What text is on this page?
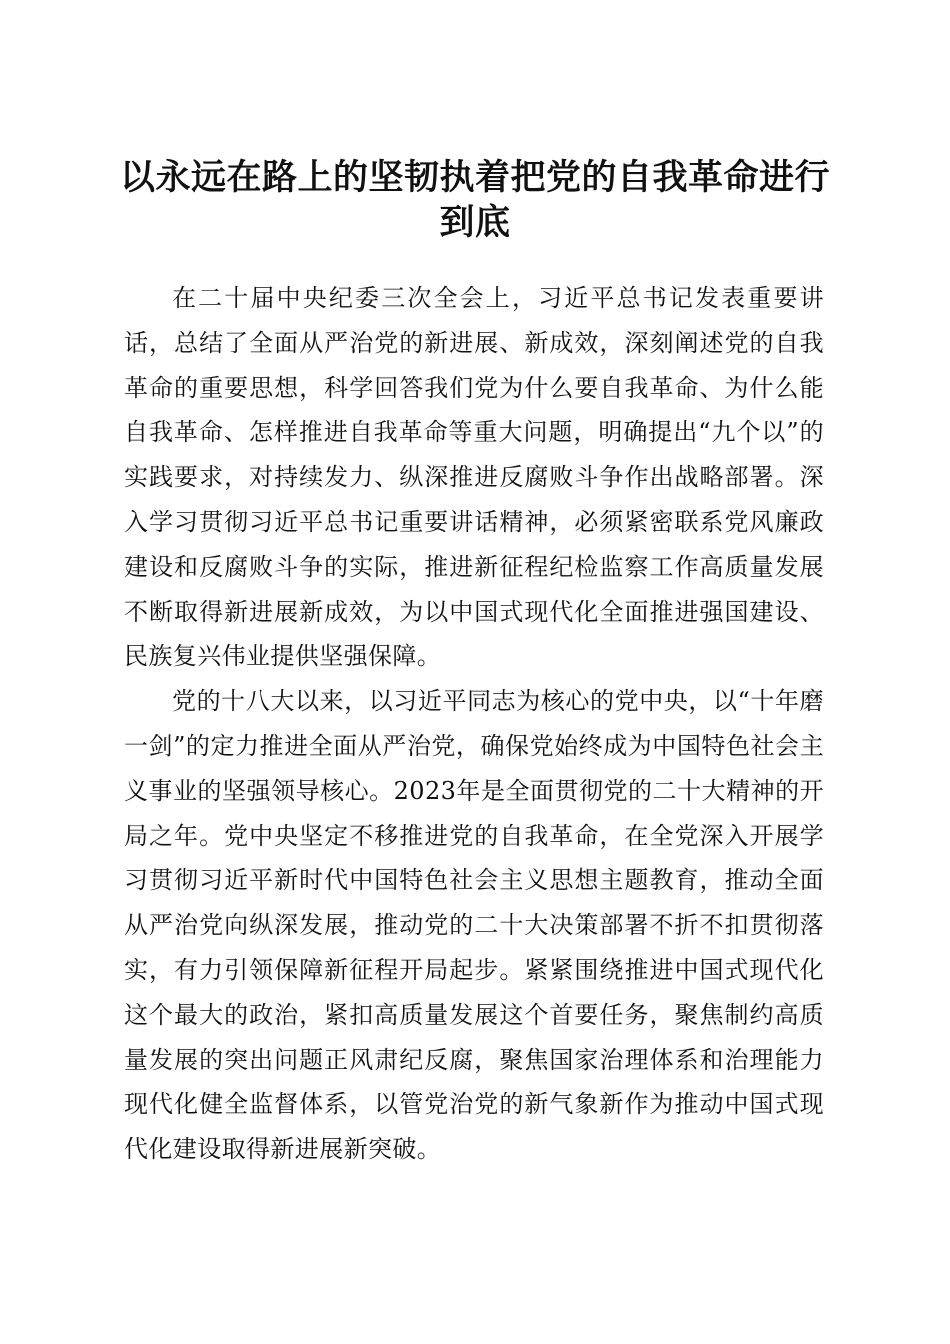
以永远在路上的坚韧执着把党的自我革命进行到底

在二十届中央纪委三次全会上，习近平总书记发表重要讲话，总结了全面从严治党的新进展、新成效，深刻阐述党的自我革命的重要思想，科学回答我们党为什么要自我革命、为什么能自我革命、怎样推进自我革命等重大问题，明确提出“九个以”的实践要求，对持续发力、纵深推进反腐败斗争作出战略部署。深入学习贯彻习近平总书记重要讲话精神，必须紧密联系党风廉政建设和反腐败斗争的实际，推进新征程纪检监察工作高质量发展不断取得新进展新成效，为以中国式现代化全面推进强国建设、民族复兴伟业提供坚强保障。

党的十八大以来，以习近平同志为核心的党中央，以“十年磨一剑”的定力推进全面从严治党，确保党始终成为中国特色社会主义事业的坚强领导核心。2023年是全面贯彻党的二十大精神的开局之年。党中央坚定不移推进党的自我革命，在全党深入开展学习贯彻习近平新时代中国特色社会主义思想主题教育，推动全面从严治党向纵深发展，推动党的二十大决策部署不折不扣贯彻落实，有力引领保障新征程开局起步。紧紧围绕推进中国式现代化这个最大的政治，紧扣高质量发展这个首要任务，聚焦制约高质量发展的突出问题正风肃纪反腐，聚焦国家治理体系和治理能力现代化健全监督体系，以管党治党的新气象新作为推动中国式现代化建设取得新进展新突破。
